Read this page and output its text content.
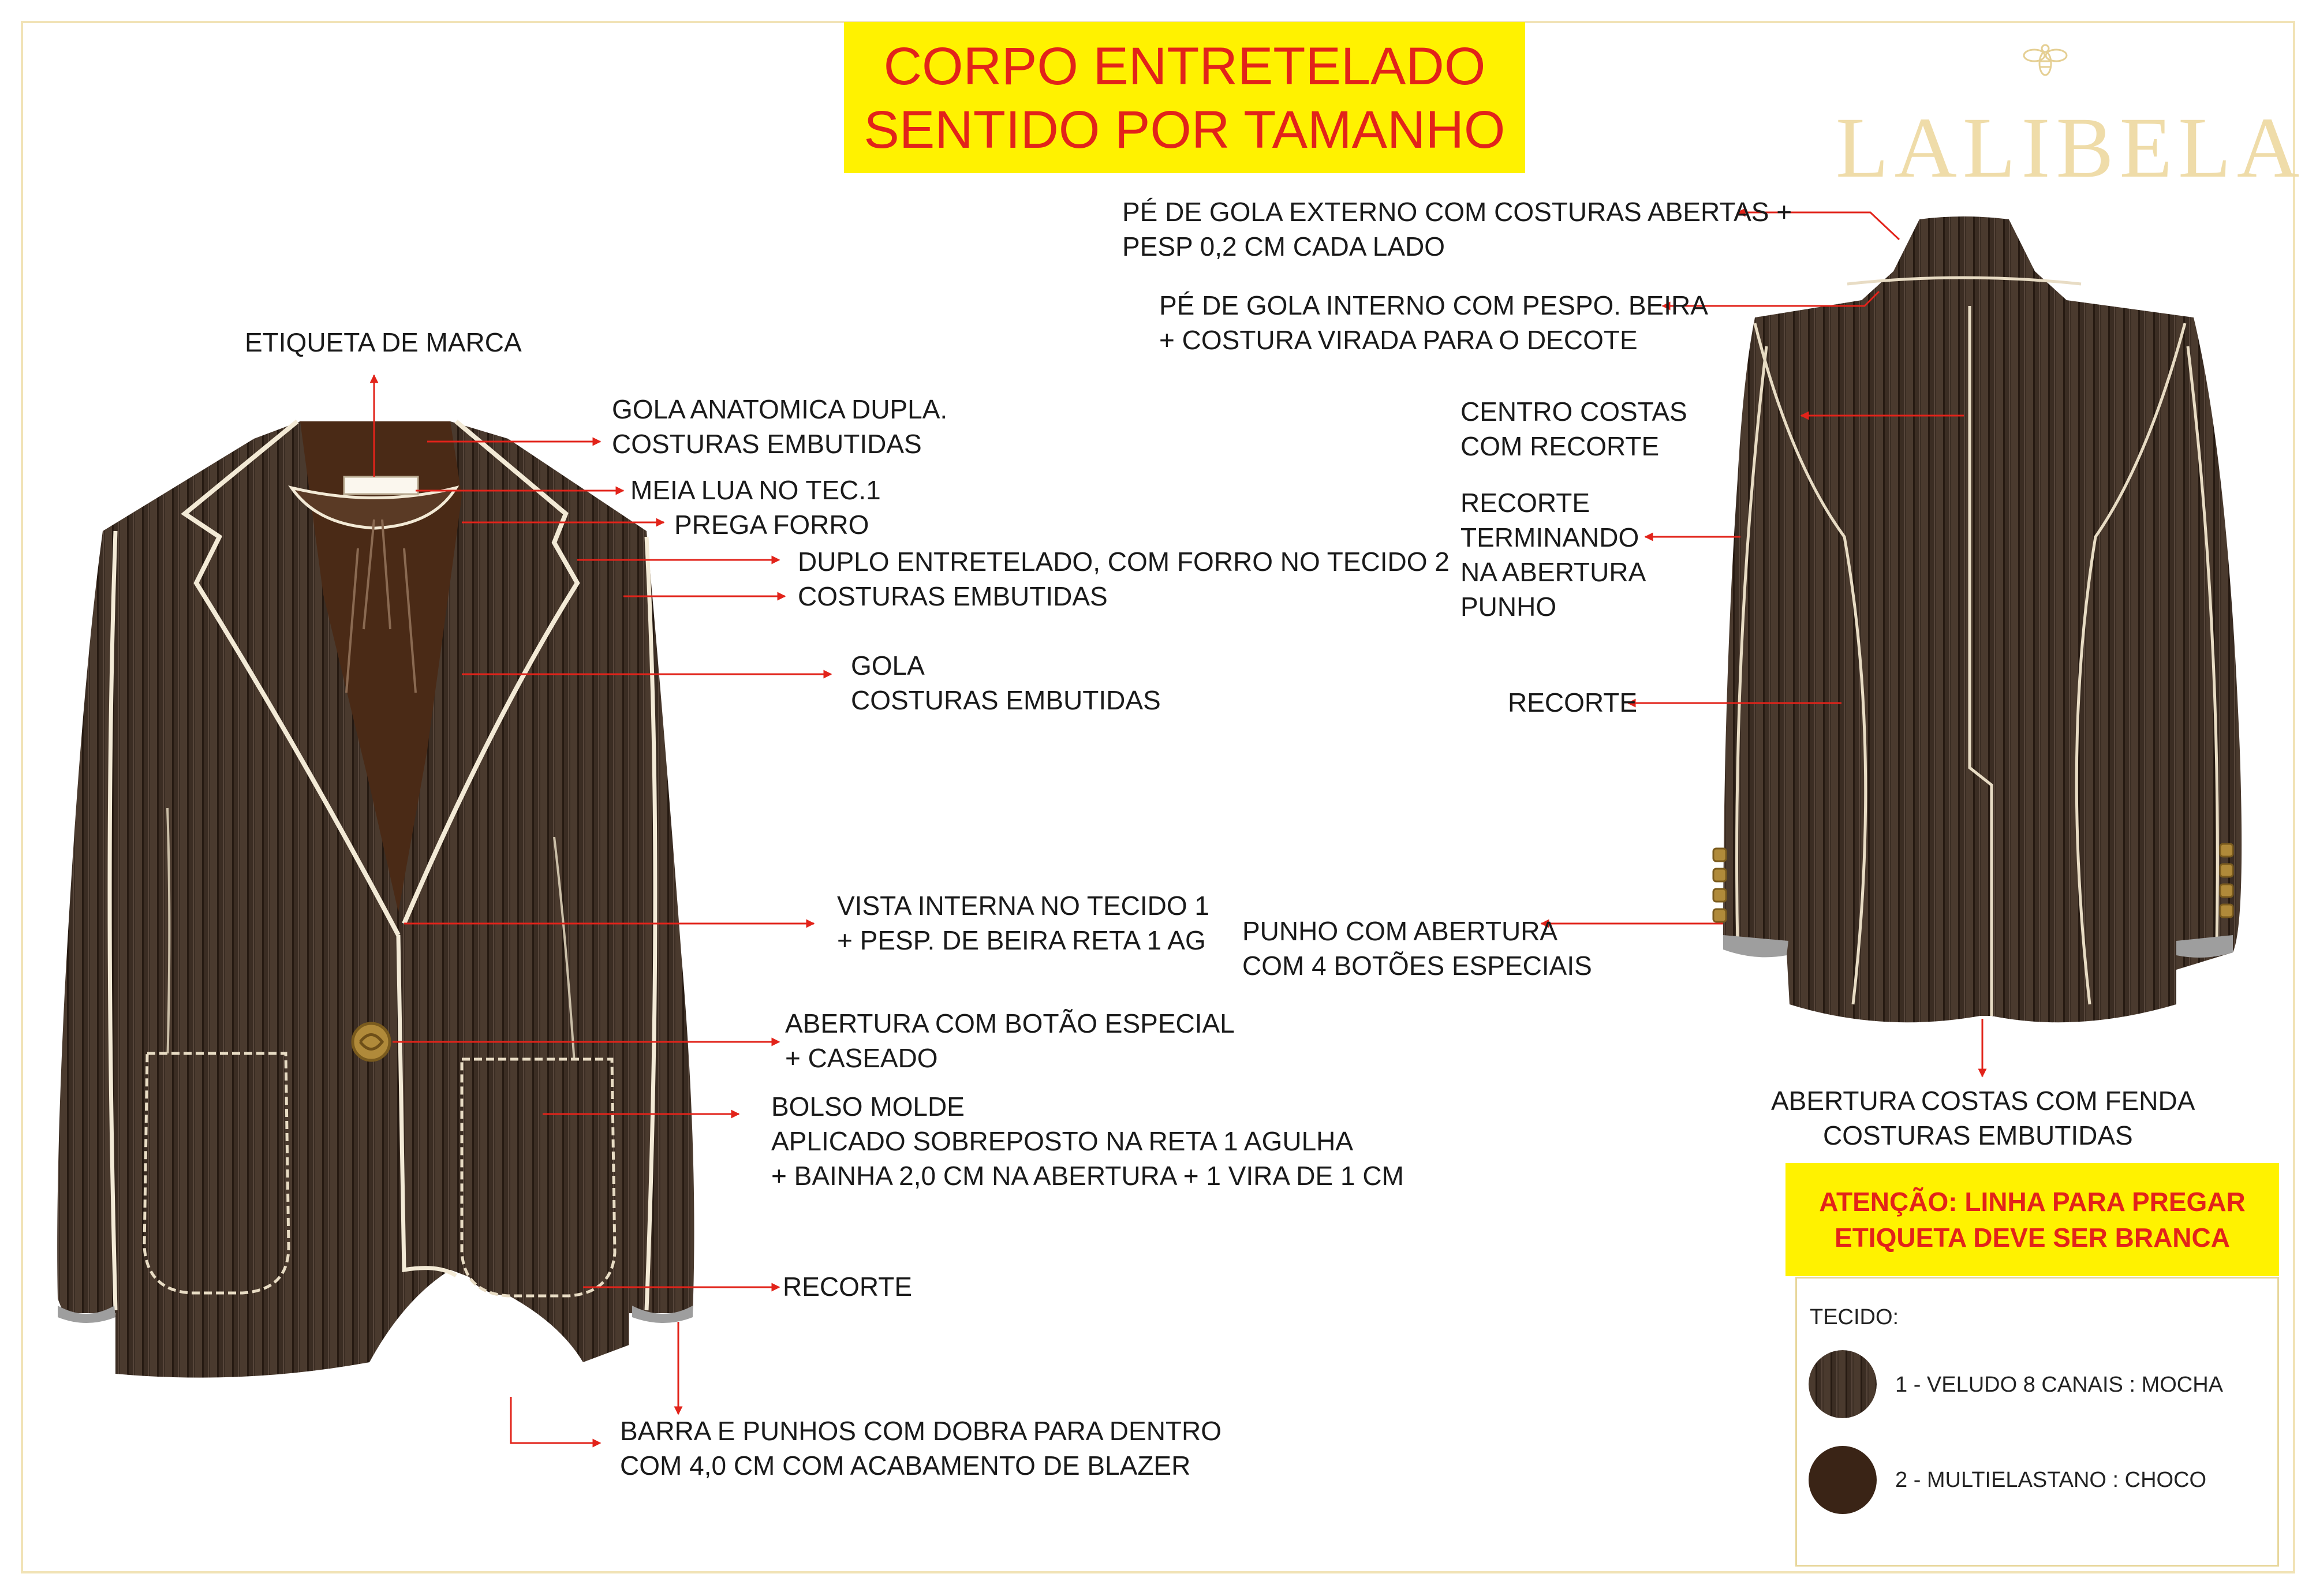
CORPO ENTRETELADO
SENTIDO POR TAMANHO	LALIBELA
ETIQUETA DE MARCA
GOLA ANATOMICA DUPLA.
COSTURAS EMBUTIDAS
MEIA LUA NO TEC.1
PREGA FORRO
DUPLO ENTRETELADO, COM FORRO NO TECIDO 2
COSTURAS EMBUTIDAS
GOLA
COSTURAS EMBUTIDAS
VISTA INTERNA NO TECIDO 1
+ PESP. DE BEIRA RETA 1 AG
ABERTURA COM BOTÃO ESPECIAL
+ CASEADO
BOLSO MOLDE
APLICADO SOBREPOSTO NA RETA 1 AGULHA
+ BAINHA 2,0 CM NA ABERTURA + 1 VIRA DE 1 CM
RECORTE
BARRA E PUNHOS COM DOBRA PARA DENTRO
COM 4,0 CM COM ACABAMENTO DE BLAZER
PÉ DE GOLA EXTERNO COM COSTURAS ABERTAS +
PESP 0,2 CM CADA LADO
PÉ DE GOLA INTERNO COM PESPO. BEIRA
+ COSTURA VIRADA PARA O DECOTE
CENTRO COSTAS
COM RECORTE
RECORTE
TERMINANDO
NA ABERTURA
PUNHO
RECORTE
PUNHO COM ABERTURA
COM 4 BOTÕES ESPECIAIS
ABERTURA COSTAS COM FENDA
COSTURAS EMBUTIDAS
ATENÇÃO: LINHA PARA PREGAR
ETIQUETA DEVE SER BRANCA
TECIDO:
1 - VELUDO 8 CANAIS : MOCHA
2 - MULTIELASTANO : CHOCO
